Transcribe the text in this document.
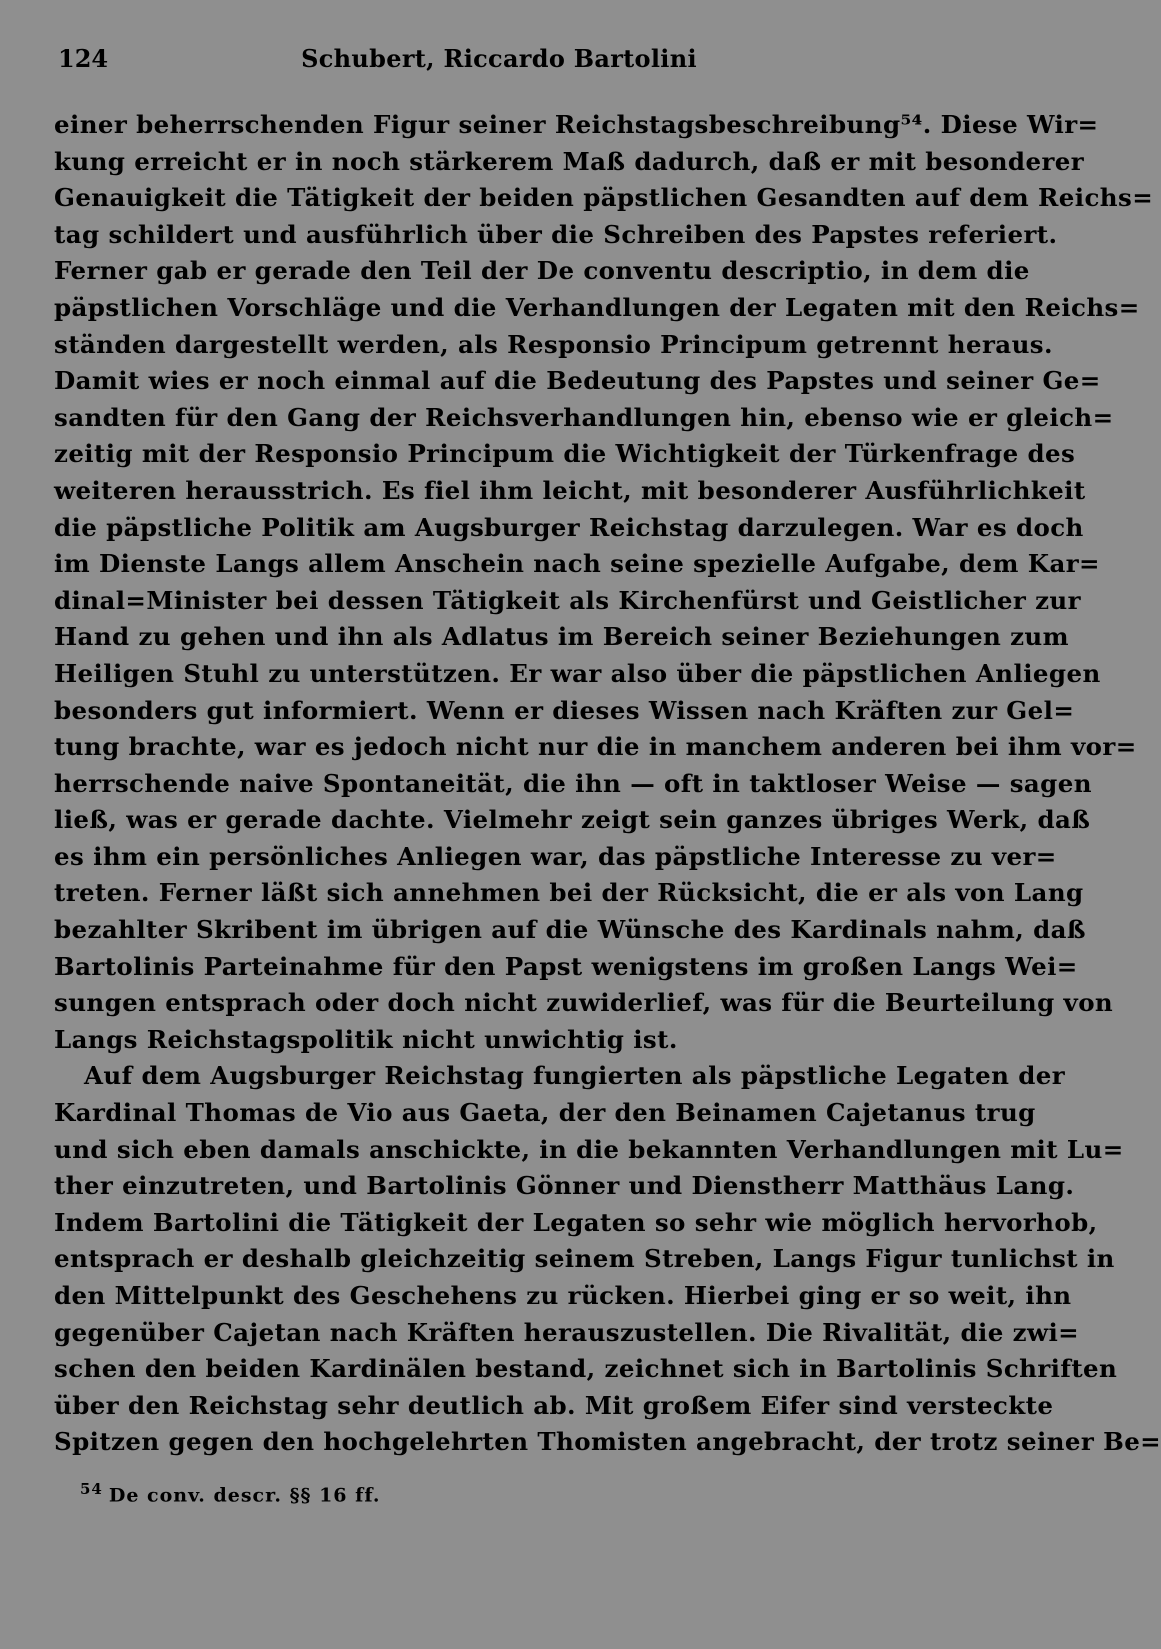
124	Schubert, Riccardo Bartolini
einer beherrschenden Figur seiner Reichstagsbeschreibung⁵⁴. Diese Wir=
kung erreicht er in noch stärkerem Maß dadurch, daß er mit besonderer
Genauigkeit die Tätigkeit der beiden päpstlichen Gesandten auf dem Reichs=
tag schildert und ausführlich über die Schreiben des Papstes referiert.
Ferner gab er gerade den Teil der De conventu descriptio, in dem die
päpstlichen Vorschläge und die Verhandlungen der Legaten mit den Reichs=
ständen dargestellt werden, als Responsio Principum getrennt heraus.
Damit wies er noch einmal auf die Bedeutung des Papstes und seiner Ge=
sandten für den Gang der Reichsverhandlungen hin, ebenso wie er gleich=
zeitig mit der Responsio Principum die Wichtigkeit der Türkenfrage des
weiteren herausstrich. Es fiel ihm leicht, mit besonderer Ausführlichkeit
die päpstliche Politik am Augsburger Reichstag darzulegen. War es doch
im Dienste Langs allem Anschein nach seine spezielle Aufgabe, dem Kar=
dinal=Minister bei dessen Tätigkeit als Kirchenfürst und Geistlicher zur
Hand zu gehen und ihn als Adlatus im Bereich seiner Beziehungen zum
Heiligen Stuhl zu unterstützen. Er war also über die päpstlichen Anliegen
besonders gut informiert. Wenn er dieses Wissen nach Kräften zur Gel=
tung brachte, war es jedoch nicht nur die in manchem anderen bei ihm vor=
herrschende naive Spontaneität, die ihn — oft in taktloser Weise — sagen
ließ, was er gerade dachte. Vielmehr zeigt sein ganzes übriges Werk, daß
es ihm ein persönliches Anliegen war, das päpstliche Interesse zu ver=
treten. Ferner läßt sich annehmen bei der Rücksicht, die er als von Lang
bezahlter Skribent im übrigen auf die Wünsche des Kardinals nahm, daß
Bartolinis Parteinahme für den Papst wenigstens im großen Langs Wei=
sungen entsprach oder doch nicht zuwiderlief, was für die Beurteilung von
Langs Reichstagspolitik nicht unwichtig ist.
Auf dem Augsburger Reichstag fungierten als päpstliche Legaten der
Kardinal Thomas de Vio aus Gaeta, der den Beinamen Cajetanus trug
und sich eben damals anschickte, in die bekannten Verhandlungen mit Lu=
ther einzutreten, und Bartolinis Gönner und Dienstherr Matthäus Lang.
Indem Bartolini die Tätigkeit der Legaten so sehr wie möglich hervorhob,
entsprach er deshalb gleichzeitig seinem Streben, Langs Figur tunlichst in
den Mittelpunkt des Geschehens zu rücken. Hierbei ging er so weit, ihn
gegenüber Cajetan nach Kräften herauszustellen. Die Rivalität, die zwi=
schen den beiden Kardinälen bestand, zeichnet sich in Bartolinis Schriften
über den Reichstag sehr deutlich ab. Mit großem Eifer sind versteckte
Spitzen gegen den hochgelehrten Thomisten angebracht, der trotz seiner Be=
$^{54}$ De conv. descr. §§ 16 ff.
